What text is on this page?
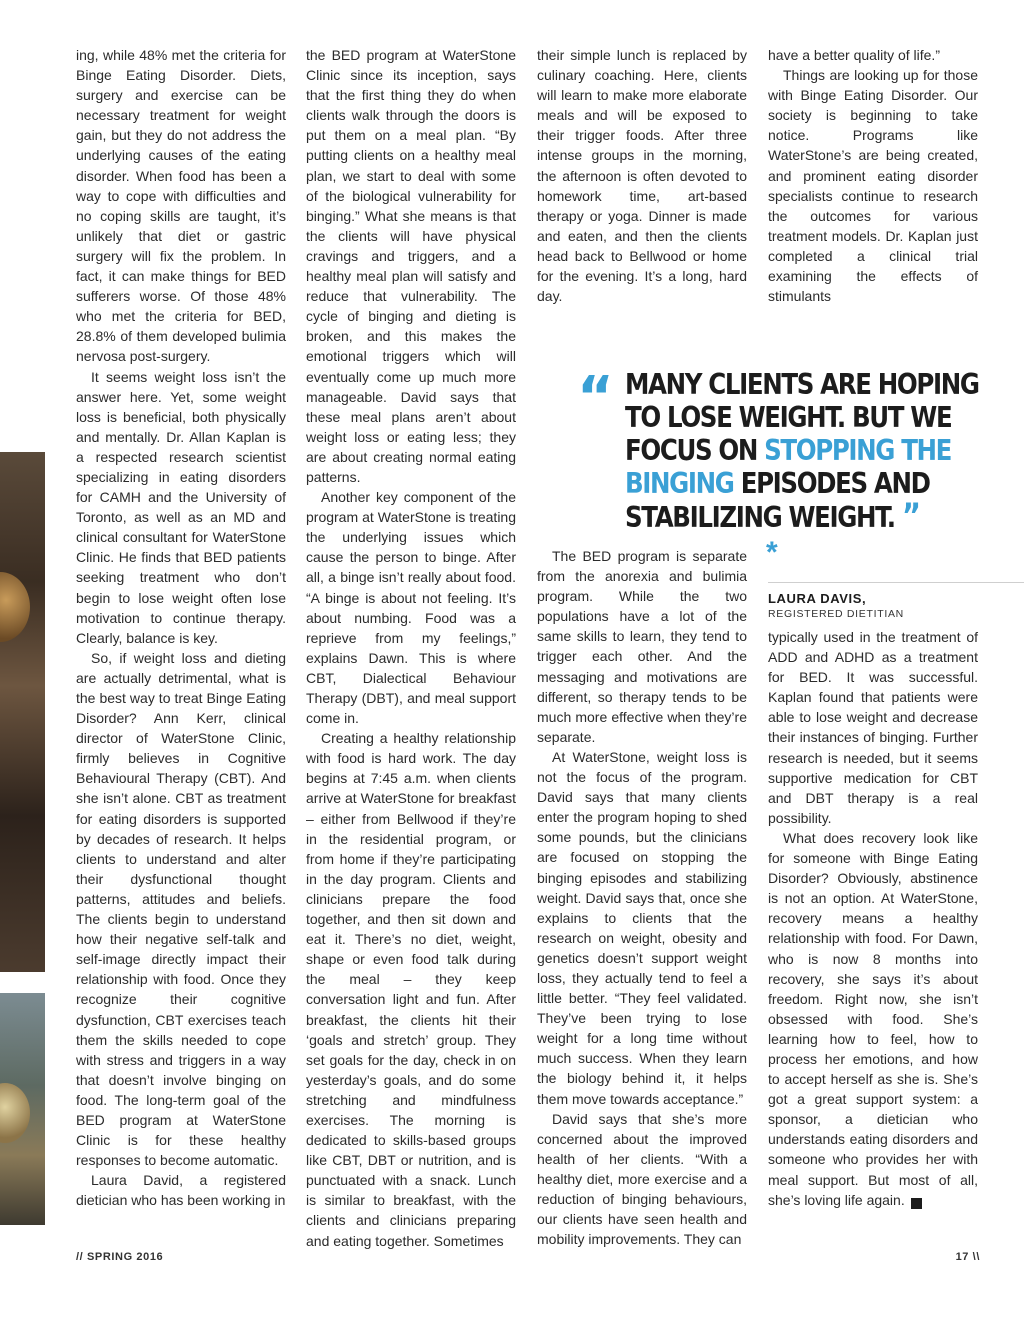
ing, while 48% met the criteria for Binge Eating Disorder. Diets, surgery and exercise can be necessary treatment for weight gain, but they do not address the underlying causes of the eating disorder. When food has been a way to cope with difficulties and no coping skills are taught, it’s unlikely that diet or gastric surgery will fix the problem. In fact, it can make things for BED sufferers worse. Of those 48% who met the criteria for BED, 28.8% of them developed bulimia nervosa post-surgery.

It seems weight loss isn’t the answer here. Yet, some weight loss is beneficial, both physically and mentally. Dr. Allan Kaplan is a respected research scientist specializing in eating disorders for CAMH and the University of Toronto, as well as an MD and clinical consultant for WaterStone Clinic. He finds that BED patients seeking treatment who don’t begin to lose weight often lose motivation to continue therapy. Clearly, balance is key.

So, if weight loss and dieting are actually detrimental, what is the best way to treat Binge Eating Disorder? Ann Kerr, clinical director of WaterStone Clinic, firmly believes in Cognitive Behavioural Therapy (CBT). And she isn’t alone. CBT as treatment for eating disorders is supported by decades of research. It helps clients to understand and alter their dysfunctional thought patterns, attitudes and beliefs. The clients begin to understand how their negative self-talk and self-image directly impact their relationship with food. Once they recognize their cognitive dysfunction, CBT exercises teach them the skills needed to cope with stress and triggers in a way that doesn’t involve binging on food. The long-term goal of the BED program at WaterStone Clinic is for these healthy responses to become automatic.

Laura David, a registered dietician who has been working in

the BED program at WaterStone Clinic since its inception, says that the first thing they do when clients walk through the doors is put them on a meal plan. “By putting clients on a healthy meal plan, we start to deal with some of the biological vulnerability for binging.” What she means is that the clients will have physical cravings and triggers, and a healthy meal plan will satisfy and reduce that vulnerability. The cycle of binging and dieting is broken, and this makes the emotional triggers which will eventually come up much more manageable. David says that these meal plans aren’t about weight loss or eating less; they are about creating normal eating patterns.

Another key component of the program at WaterStone is treating the underlying issues which cause the person to binge. After all, a binge isn’t really about food. “A binge is about not feeling. It’s about numbing. Food was a reprieve from my feelings,” explains Dawn. This is where CBT, Dialectical Behaviour Therapy (DBT), and meal support come in.

Creating a healthy relationship with food is hard work. The day begins at 7:45 a.m. when clients arrive at WaterStone for breakfast – either from Bellwood if they’re in the residential program, or from home if they’re participating in the day program. Clients and clinicians prepare the food together, and then sit down and eat it. There’s no diet, weight, shape or even food talk during the meal – they keep conversation light and fun. After breakfast, the clients hit their ‘goals and stretch’ group. They set goals for the day, check in on yesterday’s goals, and do some stretching and mindfulness exercises. The morning is dedicated to skills-based groups like CBT, DBT or nutrition, and is punctuated with a snack. Lunch is similar to breakfast, with the clients and clinicians preparing and eating together. Sometimes

their simple lunch is replaced by culinary coaching. Here, clients will learn to make more elaborate meals and will be exposed to their trigger foods. After three intense groups in the morning, the afternoon is often devoted to homework time, art-based therapy or yoga. Dinner is made and eaten, and then the clients head back to Bellwood or home for the evening. It’s a long, hard day.

The BED program is separate from the anorexia and bulimia program. While the two populations have a lot of the same skills to learn, they tend to trigger each other. And the messaging and motivations are different, so therapy tends to be much more effective when they’re separate.

At WaterStone, weight loss is not the focus of the program. David says that many clients enter the program hoping to shed some pounds, but the clinicians are focused on stopping the binging episodes and stabilizing weight. David says that, once she explains to clients that the research on weight, obesity and genetics doesn’t support weight loss, they actually tend to feel a little better. “They feel validated. They’ve been trying to lose weight for a long time without much success. When they learn the biology behind it, it helps them move towards acceptance.”

David says that she’s more concerned about the improved health of her clients. “With a healthy diet, more exercise and a reduction of binging behaviours, our clients have seen health and mobility improvements. They can

have a better quality of life.”

Things are looking up for those with Binge Eating Disorder. Our society is beginning to take notice. Programs like WaterStone’s are being created, and prominent eating disorder specialists continue to research the outcomes for various treatment models. Dr. Kaplan just completed a clinical trial examining the effects of stimulants

“ MANY CLIENTS ARE HOPING TO LOSE WEIGHT. BUT WE FOCUS ON STOPPING THE BINGING EPISODES AND STABILIZING WEIGHT. ”
*
LAURA DAVIS,
REGISTERED DIETITIAN

typically used in the treatment of ADD and ADHD as a treatment for BED. It was successful. Kaplan found that patients were able to lose weight and decrease their instances of binging. Further research is needed, but it seems supportive medication for CBT and DBT therapy is a real possibility.

What does recovery look like for someone with Binge Eating Disorder? Obviously, abstinence is not an option. At WaterStone, recovery means a healthy relationship with food. For Dawn, who is now 8 months into recovery, she says it’s about freedom. Right now, she isn’t obsessed with food. She’s learning how to feel, how to process her emotions, and how to accept herself as she is. She’s got a great support system: a sponsor, a dietician who understands eating disorders and someone who provides her with meal support. But most of all, she’s loving life again.	P

// SPRING 2016	17 \\
